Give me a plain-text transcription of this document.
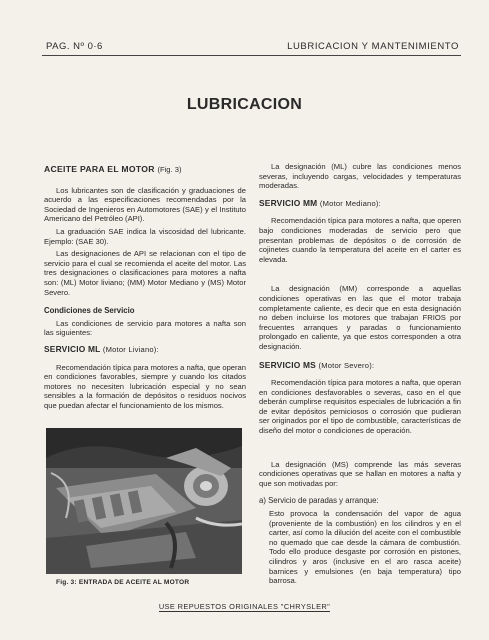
PAG. Nº 0·6	LUBRICACION Y MANTENIMIENTO
LUBRICACION

ACEITE PARA EL MOTOR (Fig. 3)

Los lubricantes son de clasificación y graduaciones de acuerdo a las especificaciones recomendadas por la Sociedad de Ingenieros en Automotores (SAE) y el Instituto Americano del Petróleo (API).

La graduación SAE indica la viscosidad del lubricante. Ejemplo: (SAE 30).

Las designaciones de API se relacionan con el tipo de servicio para el cual se recomienda el aceite del motor. Las tres designaciones o clasificaciones para motores a nafta son: (ML) Motor liviano; (MM) Motor Mediano y (MS) Motor Severo.

Condiciones de Servicio

Las condiciones de servicio para motores a nafta son las siguientes:

SERVICIO ML (Motor Liviano):

Recomendación típica para motores a nafta, que operan en condiciones favorables, siempre y cuando los citados motores no necesiten lubricación especial y no sean sensibles a la formación de depósitos o residuos nocivos que puedan afectar el funcionamiento de los mismos.

Fig. 3: ENTRADA DE ACEITE AL MOTOR

La designación (ML) cubre las condiciones menos severas, incluyendo cargas, velocidades y temperaturas moderadas.

SERVICIO MM (Motor Mediano):

Recomendación típica para motores a nafta, que operen bajo condiciones moderadas de servicio pero que presentan problemas de depósitos o de corrosión de cojinetes cuando la temperatura del aceite en el carter es elevada.

La designación (MM) corresponde a aquellas condiciones operativas en las que el motor trabaja completamente caliente, es decir que en esta designación no deben incluirse los motores que trabajan FRIOS por frecuentes arranques y paradas o funcionamiento prolongado en caliente, ya que estos corresponden a otra designación.

SERVICIO MS (Motor Severo):

Recomendación típica para motores a nafta, que operan en condiciones desfavorables o severas, caso en el que deberán cumplirse requisitos especiales de lubricación a fin de evitar depósitos perniciosos o corrosión que pudieran ser originados por el tipo de combustible, características de diseño del motor o condiciones de operación.

La designación (MS) comprende las más severas condiciones operativas que se hallan en motores a nafta y que son motivadas por:

a) Servicio de paradas y arranque:

Esto provoca la condensación del vapor de agua (proveniente de la combustión) en los cilindros y en el carter, así como la dilución del aceite con el combustible no quemado que cae desde la cámara de combustión. Todo ello produce desgaste por corrosión en pistones, cilindros y aros (inclusive en el aro rasca aceite) barnices y emulsiones (en baja temperatura) tipo barrosa.

USE REPUESTOS ORIGINALES "CHRYSLER"
